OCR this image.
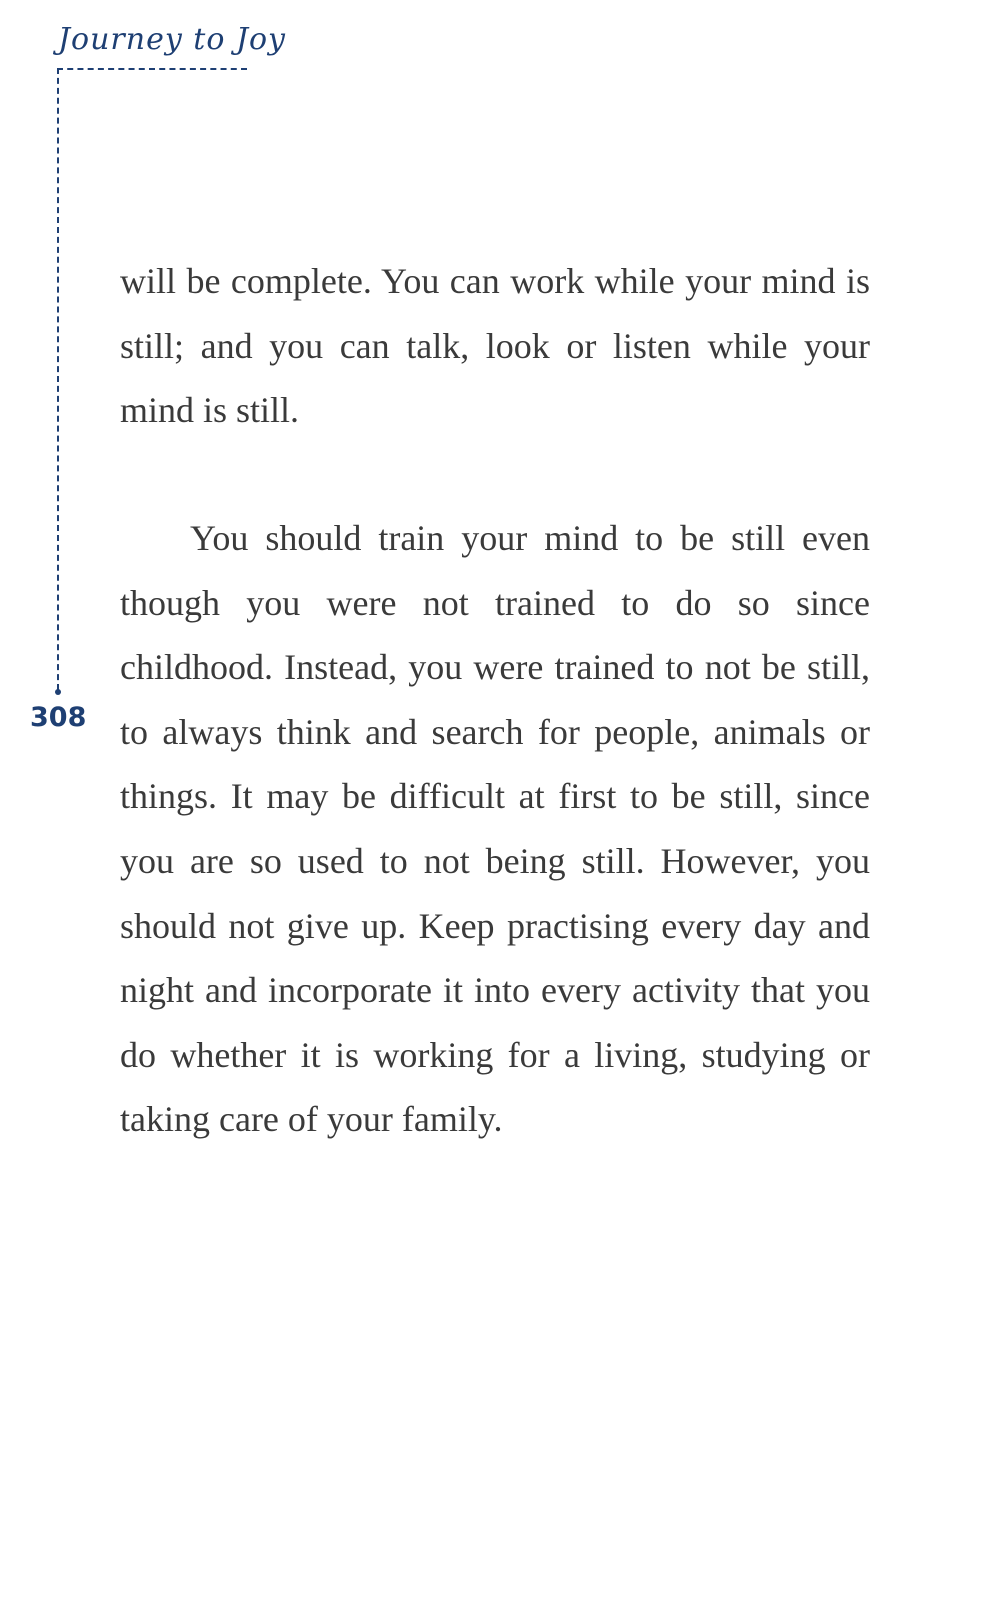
Journey to Joy
308

will be complete. You can work while your mind is still; and you can talk, look or listen while your mind is still.

You should train your mind to be still even though you were not trained to do so since childhood. Instead, you were trained to not be still, to always think and search for people, animals or things. It may be difficult at first to be still, since you are so used to not being still. However, you should not give up. Keep practising every day and night and incorporate it into every activity that you do whether it is working for a living, studying or taking care of your family.
